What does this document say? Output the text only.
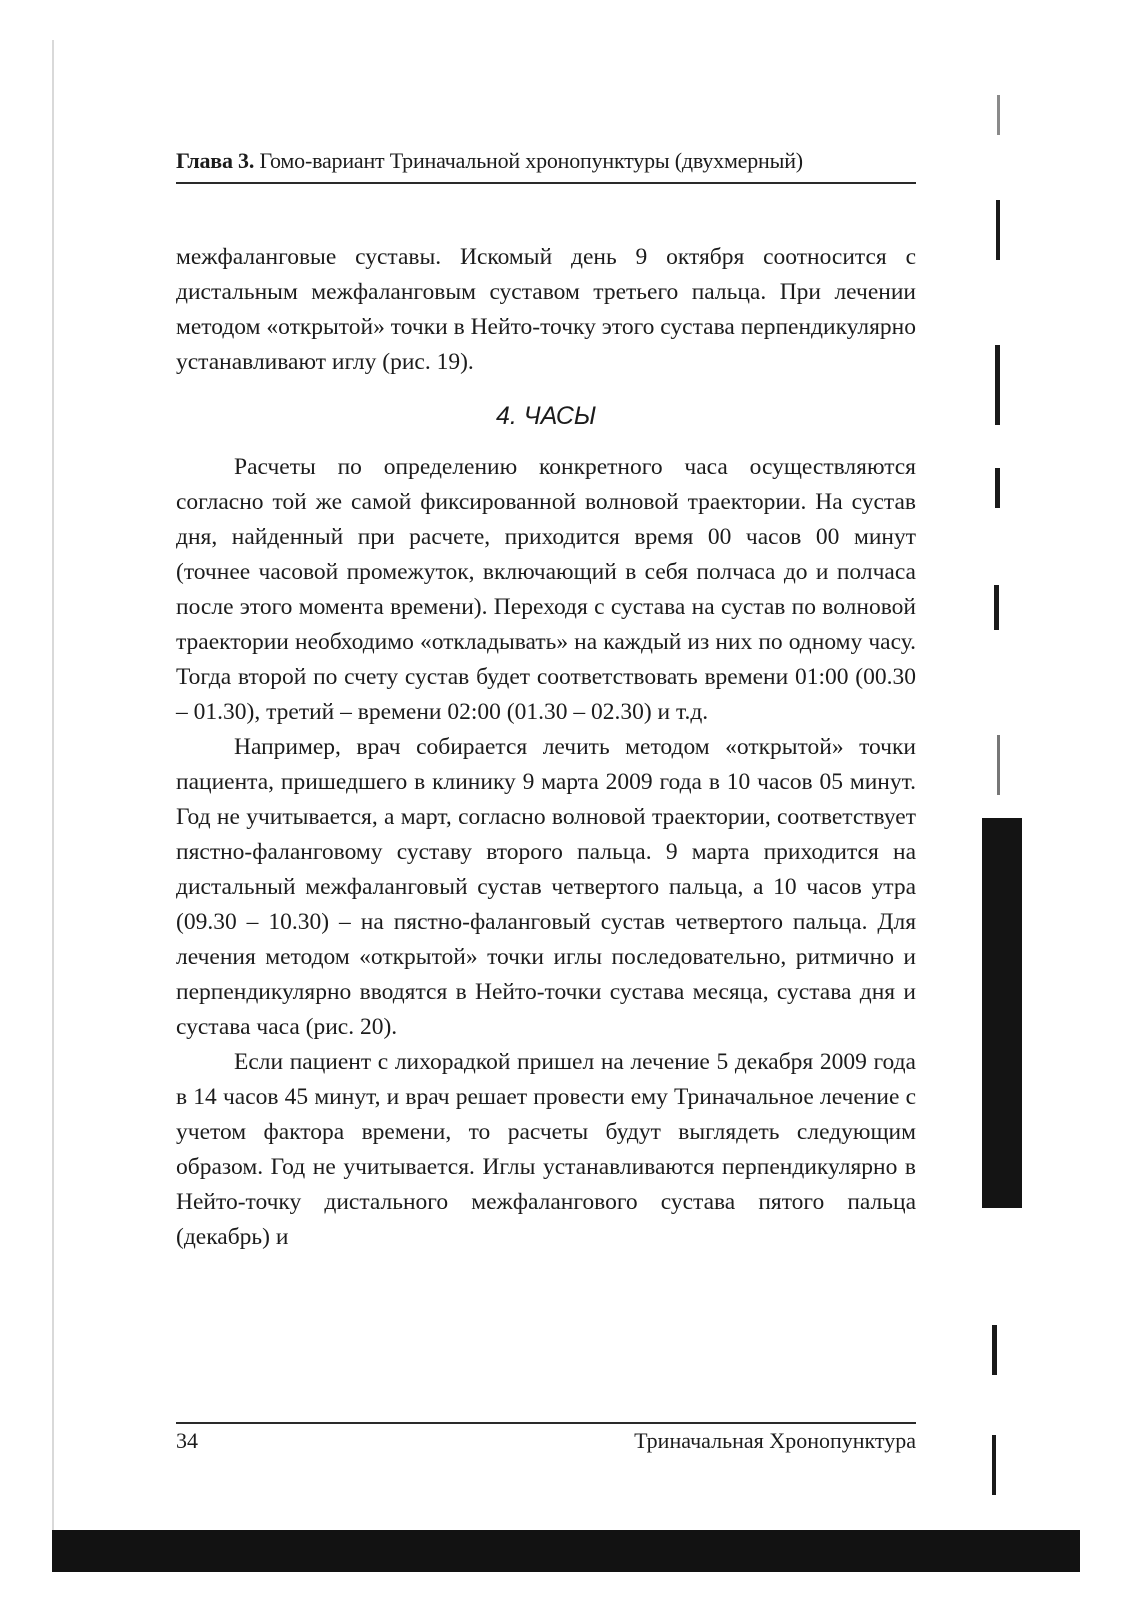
Глава 3. Гомо-вариант Триначальной хронопунктуры (двухмерный)

межфаланговые суставы. Искомый день 9 октября соотносится с дистальным межфаланговым суставом третьего пальца. При лечении методом «открытой» точки в Нейто-точку этого сустава перпендикулярно устанавливают иглу (рис. 19).

4. ЧАСЫ

Расчеты по определению конкретного часа осуществляются согласно той же самой фиксированной волновой траектории. На сустав дня, найденный при расчете, приходится время 00 часов 00 минут (точнее часовой промежуток, включающий в себя полчаса до и полчаса после этого момента времени). Переходя с сустава на сустав по волновой траектории необходимо «откладывать» на каждый из них по одному часу. Тогда второй по счету сустав будет соответствовать времени 01:00 (00.30 – 01.30), третий – времени 02:00 (01.30 – 02.30) и т.д.

Например, врач собирается лечить методом «открытой» точки пациента, пришедшего в клинику 9 марта 2009 года в 10 часов 05 минут. Год не учитывается, а март, согласно волновой траектории, соответствует пястно-фаланговому суставу второго пальца. 9 марта приходится на дистальный межфаланговый сустав четвертого пальца, а 10 часов утра (09.30 – 10.30) – на пястно-фаланговый сустав четвертого пальца. Для лечения методом «открытой» точки иглы последовательно, ритмично и перпендикулярно вводятся в Нейто-точки сустава месяца, сустава дня и сустава часа (рис. 20).

Если пациент с лихорадкой пришел на лечение 5 декабря 2009 года в 14 часов 45 минут, и врач решает провести ему Триначальное лечение с учетом фактора времени, то расчеты будут выглядеть следующим образом. Год не учитывается. Иглы устанавливаются перпендикулярно в Нейто-точку дистального межфалангового сустава пятого пальца (декабрь) и

34	Триначальная Хронопунктура
